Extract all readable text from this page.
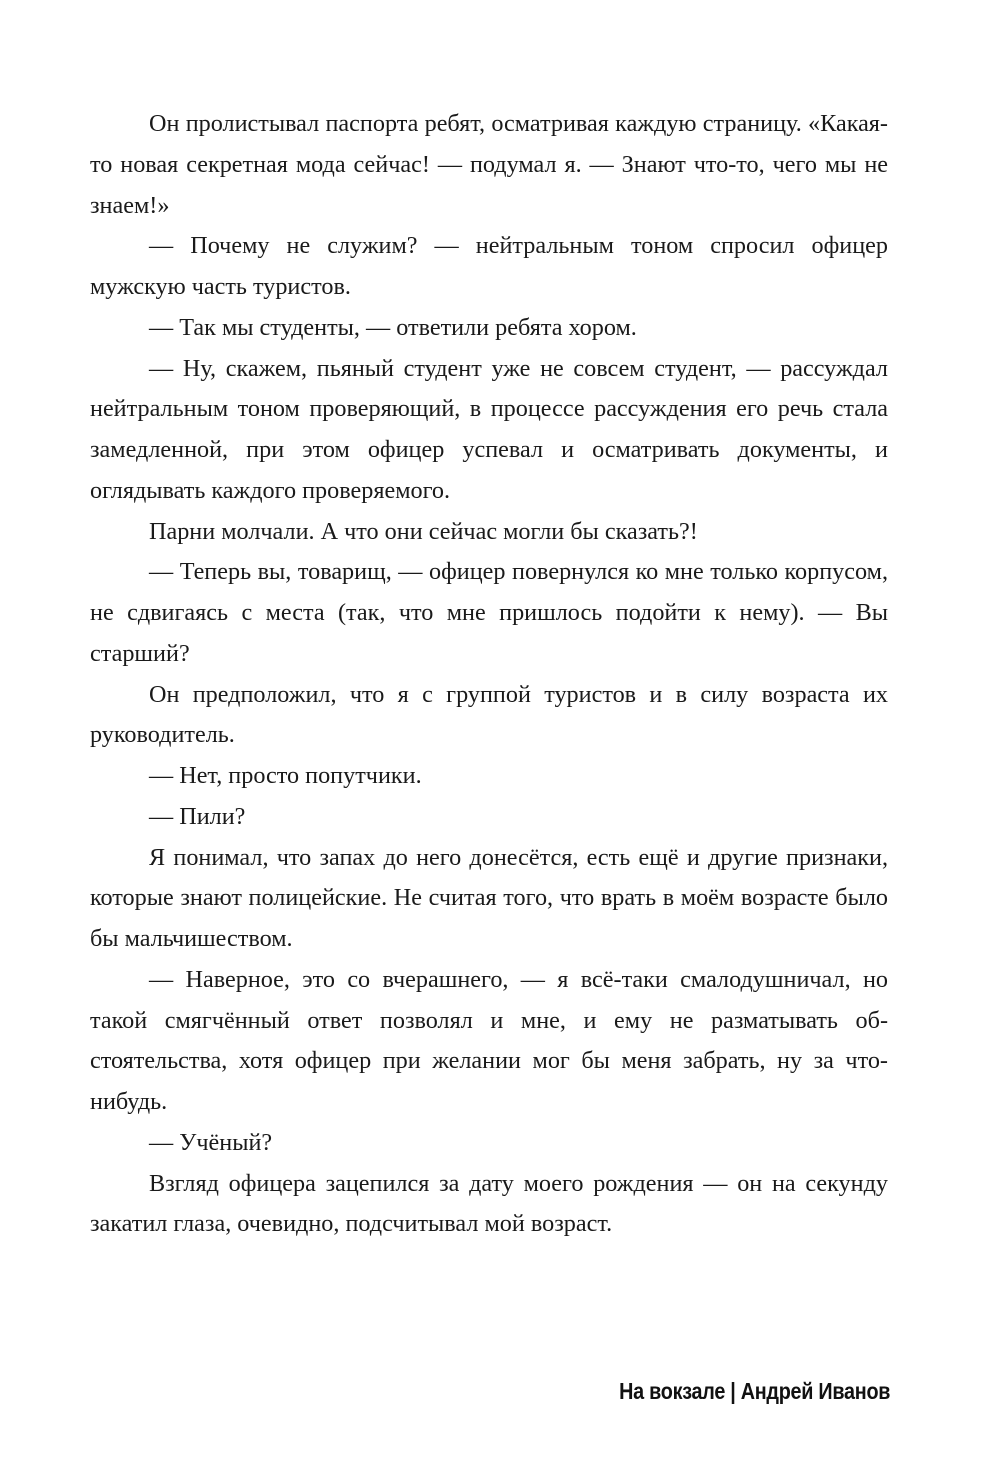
Он пролистывал паспорта ребят, осматривая каждую страницу. «Какая-то новая секретная мода сейчас! — подумал я. — Знают что-то, чего мы не знаем!»

— Почему не служим? — нейтральным тоном спросил офицер мужскую часть туристов.

— Так мы студенты, — ответили ребята хором.

— Ну, скажем, пьяный студент уже не совсем студент, — рассуждал нейтральным тоном проверяющий, в процессе рассуждения его речь стала замедленной, при этом офицер успевал и осматривать документы, и оглядывать каждого проверяемого.

Парни молчали. А что они сейчас могли бы сказать?!

— Теперь вы, товарищ, — офицер повернулся ко мне только корпусом, не сдвигаясь с места (так, что мне пришлось подойти к нему). — Вы старший?

Он предположил, что я с группой туристов и в силу возраста их руководитель.

— Нет, просто попутчики.

— Пили?

Я понимал, что запах до него донесётся, есть ещё и другие признаки, которые знают полицейские. Не считая того, что врать в моём возрасте было бы мальчишеством.

— Наверное, это со вчерашнего, — я всё-таки смалодушничал, но такой смягчённый ответ позволял и мне, и ему не разматывать обстоятельства, хотя офицер при желании мог бы меня забрать, ну за что-нибудь.

— Учёный?

Взгляд офицера зацепился за дату моего рождения — он на секунду закатил глаза, очевидно, подсчитывал мой возраст.

На вокзале | Андрей Иванов
